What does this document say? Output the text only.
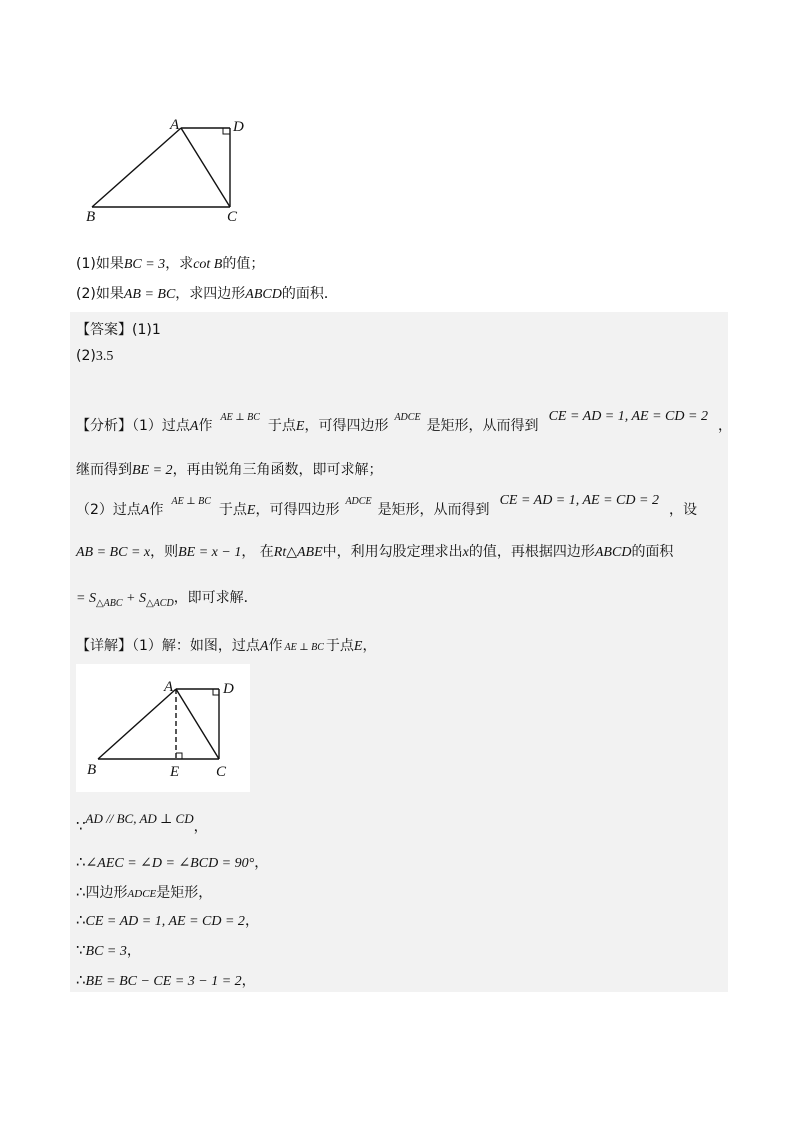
A	D
B	C
(1)如果BC = 3，求cot B的值；
(2)如果AB = BC，求四边形ABCD的面积．
【答案】(1)1
(2)3.5
【分析】（1）过点A作$^{AE \perp BC}$于点E，可得四边形$^{ADCE}$是矩形，从而得到CE = AD = 1, AE = CD = 2，
继而得到BE = 2，再由锐角三角函数，即可求解；
（2）过点A作$^{AE \perp BC}$于点E，可得四边形$^{ADCE}$是矩形，从而得到CE = AD = 1, AE = CD = 2，设
AB = BC = x，则BE = x − 1， 在Rt△ABE中，利用勾股定理求出x的值，再根据四边形ABCD的面积
= $S_{\triangle ABC} + S_{\triangle ACD}$，即可求解．
【详解】（1）解：如图，过点A作 AE ⊥ BC 于点E，
A	D
B	E C
∵AD // BC, AD ⊥ CD，
∴∠AEC = ∠D = ∠BCD = 90°，
∴四边形ADCE是矩形，
∴CE = AD = 1, AE = CD = 2，
∵BC = 3，
∴BE = BC − CE = 3 − 1 = 2，
